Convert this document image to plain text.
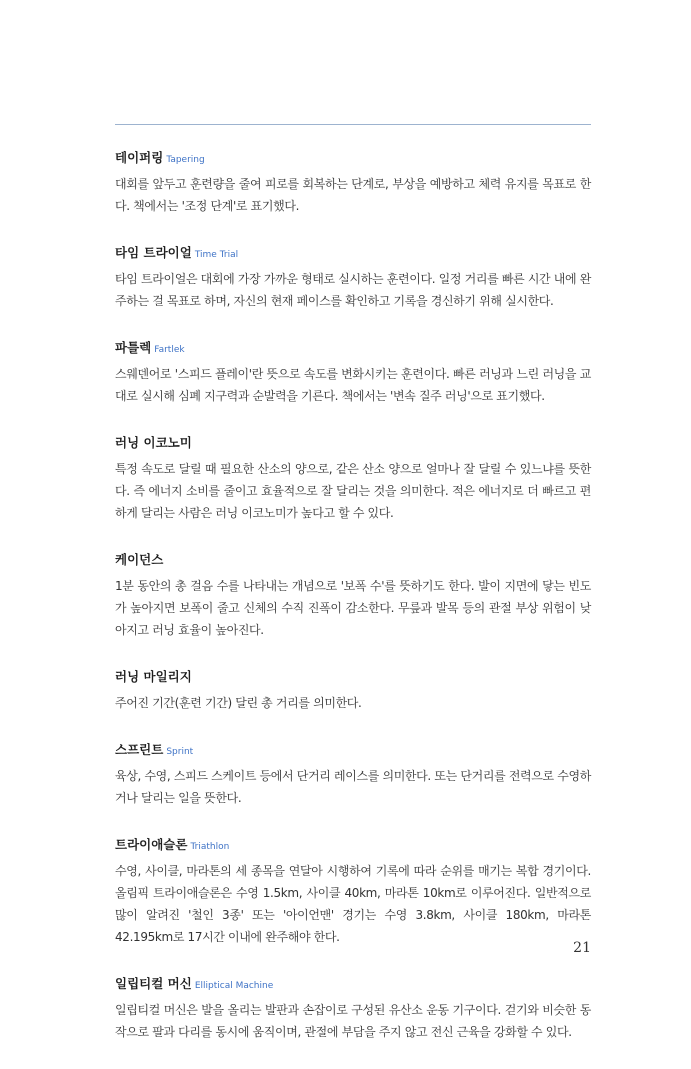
테이퍼링 Tapering

대회를 앞두고 훈련량을 줄여 피로를 회복하는 단계로, 부상을 예방하고 체력 유지를 목표로 한다. 책에서는 '조정 단계'로 표기했다.

타임 트라이얼 Time Trial

타임 트라이얼은 대회에 가장 가까운 형태로 실시하는 훈련이다. 일정 거리를 빠른 시간 내에 완주하는 걸 목표로 하며, 자신의 현재 페이스를 확인하고 기록을 경신하기 위해 실시한다.

파틀렉 Fartlek

스웨덴어로 '스피드 플레이'란 뜻으로 속도를 변화시키는 훈련이다. 빠른 러닝과 느린 러닝을 교대로 실시해 심폐 지구력과 순발력을 기른다. 책에서는 '변속 질주 러닝'으로 표기했다.

러닝 이코노미

특정 속도로 달릴 때 필요한 산소의 양으로, 같은 산소 양으로 얼마나 잘 달릴 수 있느냐를 뜻한다. 즉 에너지 소비를 줄이고 효율적으로 잘 달리는 것을 의미한다. 적은 에너지로 더 빠르고 편하게 달리는 사람은 러닝 이코노미가 높다고 할 수 있다.

케이던스

1분 동안의 총 걸음 수를 나타내는 개념으로 '보폭 수'를 뜻하기도 한다. 발이 지면에 닿는 빈도가 높아지면 보폭이 줄고 신체의 수직 진폭이 감소한다. 무릎과 발목 등의 관절 부상 위험이 낮아지고 러닝 효율이 높아진다.

러닝 마일리지

주어진 기간(훈련 기간) 달린 총 거리를 의미한다.

스프린트 Sprint

육상, 수영, 스피드 스케이트 등에서 단거리 레이스를 의미한다. 또는 단거리를 전력으로 수영하거나 달리는 일을 뜻한다.

트라이애슬론 Triathlon

수영, 사이클, 마라톤의 세 종목을 연달아 시행하여 기록에 따라 순위를 매기는 복합 경기이다. 올림픽 트라이애슬론은 수영 1.5km, 사이클 40km, 마라톤 10km로 이루어진다. 일반적으로 많이 알려진 '철인 3종' 또는 '아이언맨' 경기는 수영 3.8km, 사이클 180km, 마라톤 42.195km로 17시간 이내에 완주해야 한다.

일립티컬 머신 Elliptical Machine

일립티컬 머신은 발을 올리는 발판과 손잡이로 구성된 유산소 운동 기구이다. 걷기와 비슷한 동작으로 팔과 다리를 동시에 움직이며, 관절에 부담을 주지 않고 전신 근육을 강화할 수 있다.

21
